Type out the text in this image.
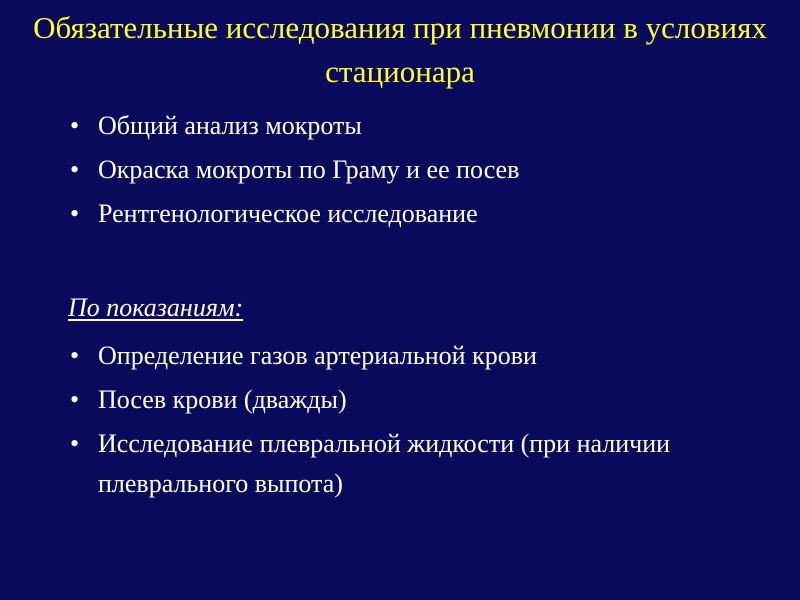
Обязательные исследования при пневмонии в условиях стационара
• Общий анализ мокроты
• Окраска мокроты по Граму и ее посев
• Рентгенологическое исследование
По показаниям:
• Определение газов артериальной крови
• Посев крови (дважды)
• Исследование плевральной жидкости (при наличии плеврального выпота)
